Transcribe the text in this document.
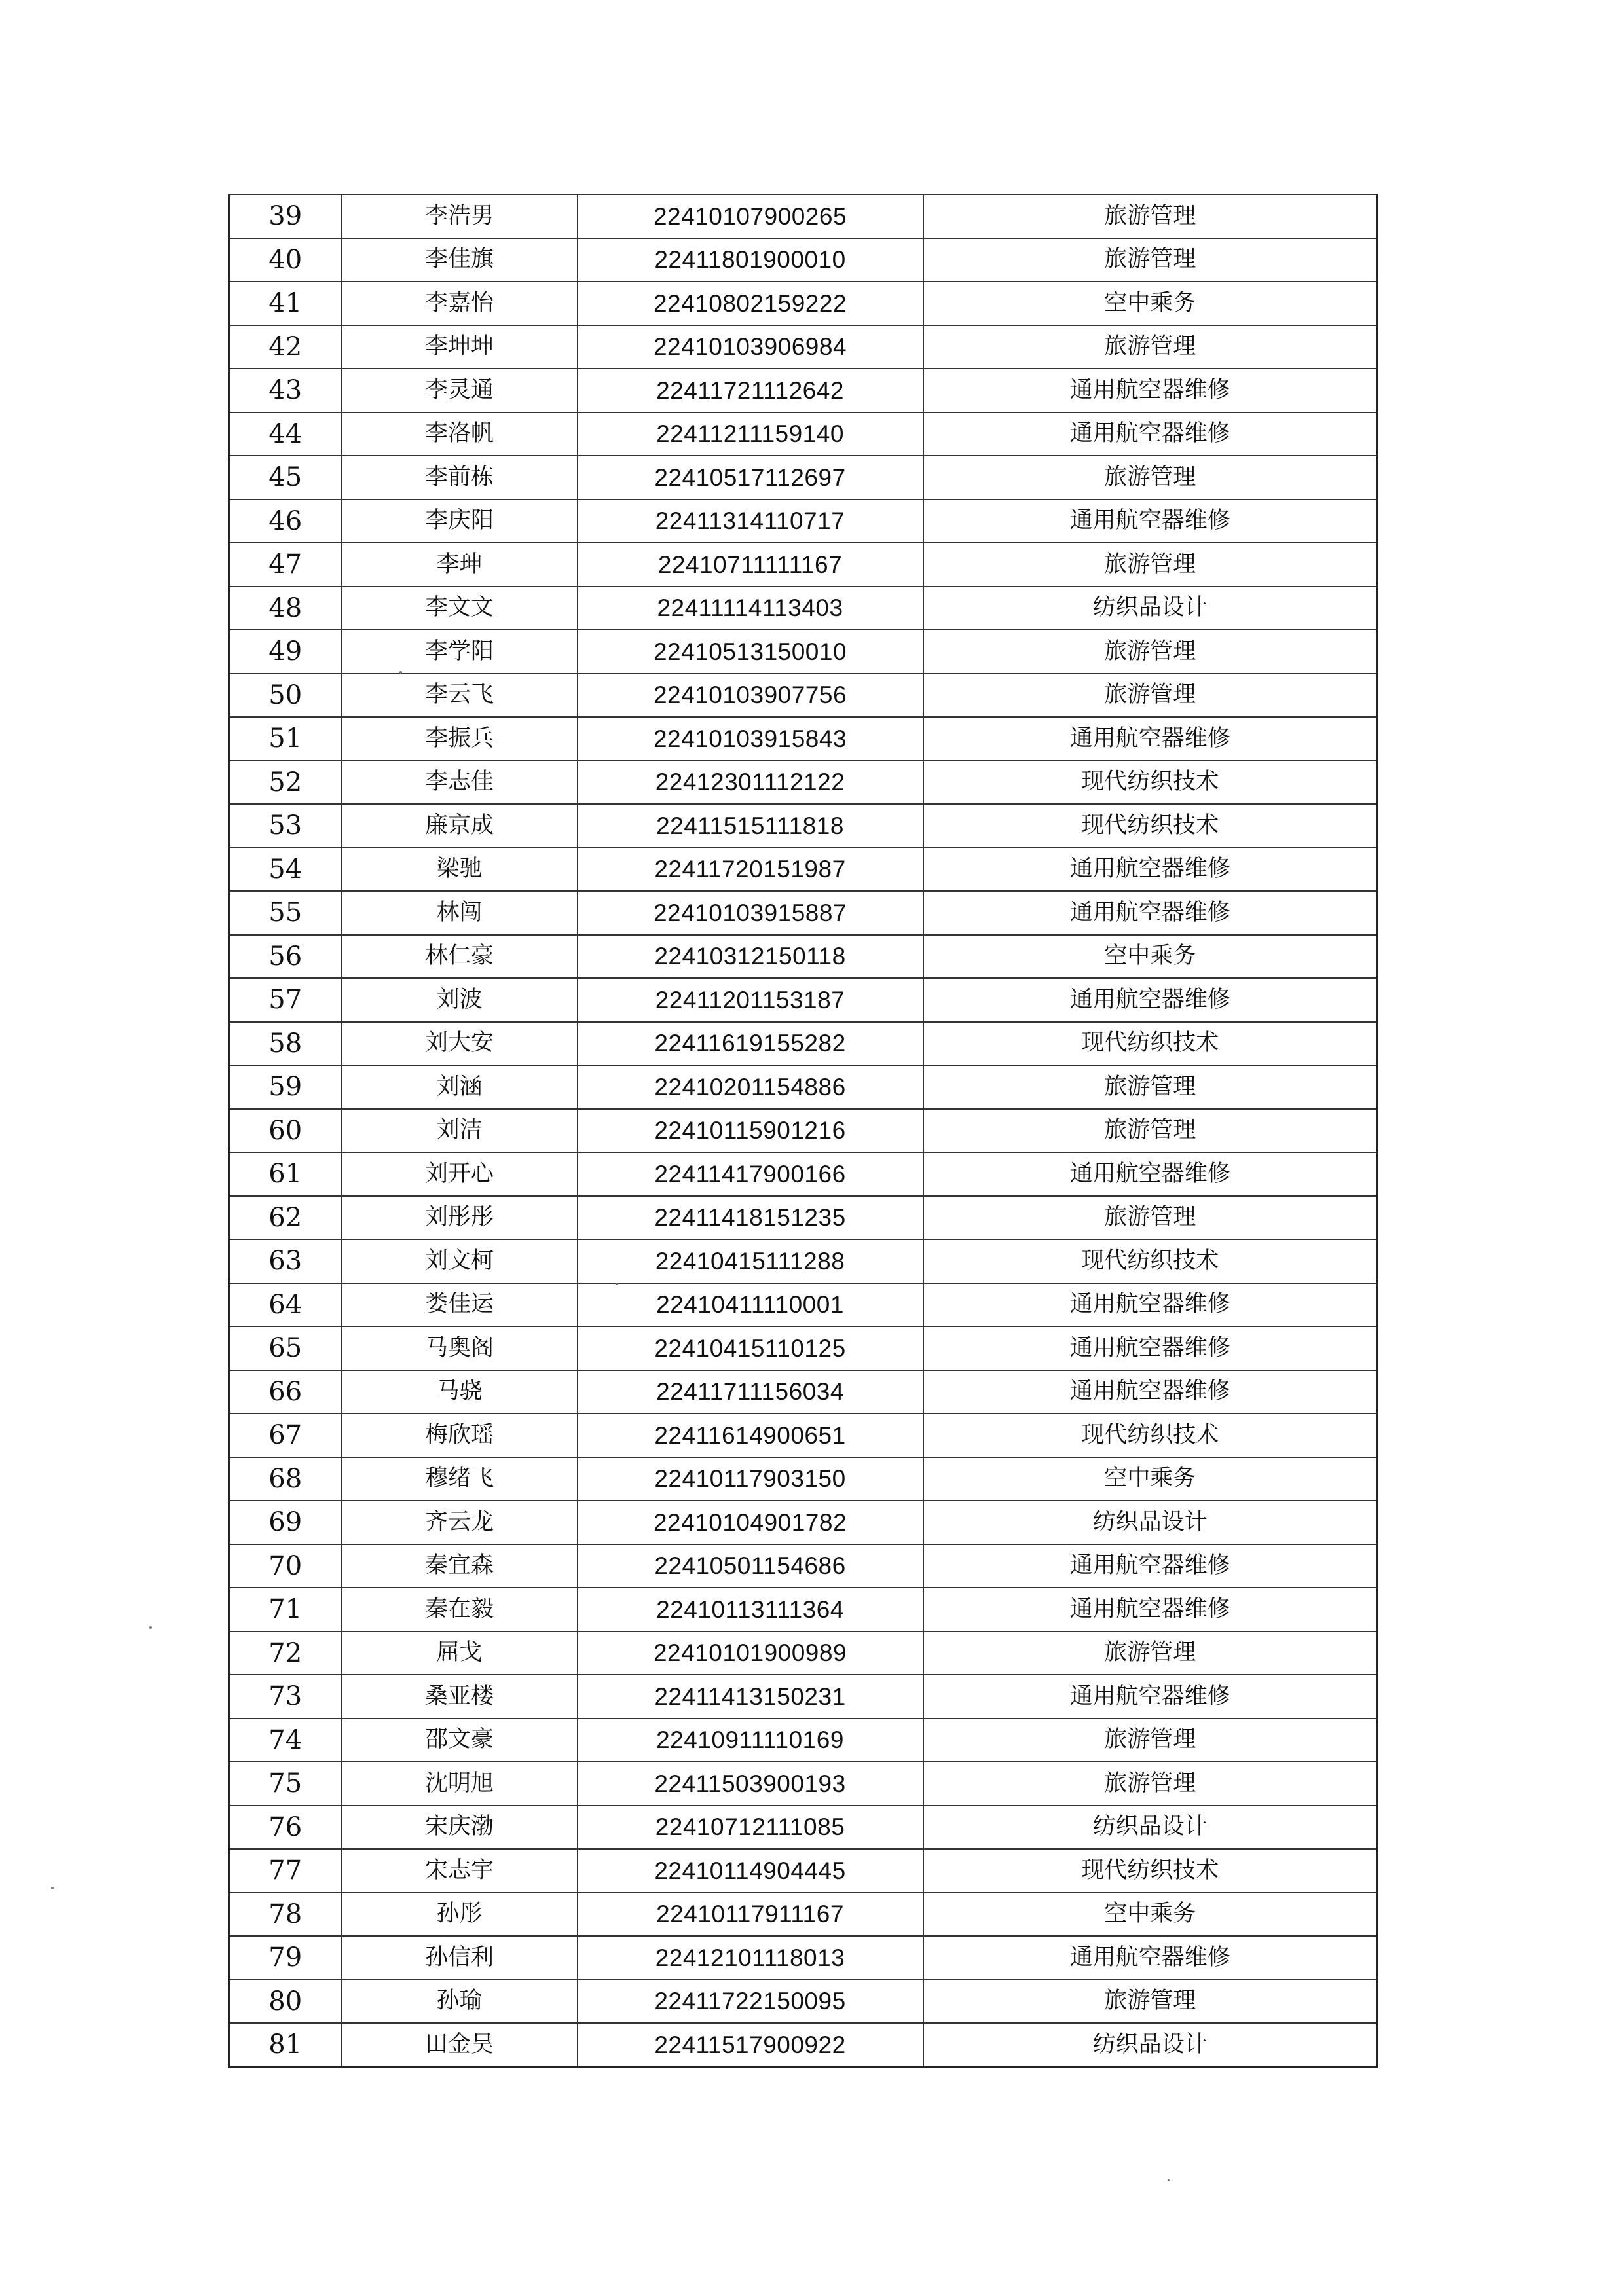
39	李浩男	22410107900265	旅游管理
40	李佳旗	22411801900010	旅游管理
41	李嘉怡	22410802159222	空中乘务
42	李坤坤	22410103906984	旅游管理
43	李灵通	22411721112642	通用航空器维修
44	李洛帆	22411211159140	通用航空器维修
45	李前栋	22410517112697	旅游管理
46	李庆阳	22411314110717	通用航空器维修
47	李珅	22410711111167	旅游管理
48	李文文	22411114113403	纺织品设计
49	李学阳	22410513150010	旅游管理
50	李云飞	22410103907756	旅游管理
51	李振兵	22410103915843	通用航空器维修
52	李志佳	22412301112122	现代纺织技术
53	廉京成	22411515111818	现代纺织技术
54	梁驰	22411720151987	通用航空器维修
55	林闯	22410103915887	通用航空器维修
56	林仁豪	22410312150118	空中乘务
57	刘波	22411201153187	通用航空器维修
58	刘大安	22411619155282	现代纺织技术
59	刘涵	22410201154886	旅游管理
60	刘洁	22410115901216	旅游管理
61	刘开心	22411417900166	通用航空器维修
62	刘彤彤	22411418151235	旅游管理
63	刘文柯	22410415111288	现代纺织技术
64	娄佳运	22410411110001	通用航空器维修
65	马奥阁	22410415110125	通用航空器维修
66	马骁	22411711156034	通用航空器维修
67	梅欣瑶	22411614900651	现代纺织技术
68	穆绪飞	22410117903150	空中乘务
69	齐云龙	22410104901782	纺织品设计
70	秦宜森	22410501154686	通用航空器维修
71	秦在毅	22410113111364	通用航空器维修
72	屈戈	22410101900989	旅游管理
73	桑亚楼	22411413150231	通用航空器维修
74	邵文豪	22410911110169	旅游管理
75	沈明旭	22411503900193	旅游管理
76	宋庆渤	22410712111085	纺织品设计
77	宋志宇	22410114904445	现代纺织技术
78	孙彤	22410117911167	空中乘务
79	孙信利	22412101118013	通用航空器维修
80	孙瑜	22411722150095	旅游管理
81	田金昊	22411517900922	纺织品设计
